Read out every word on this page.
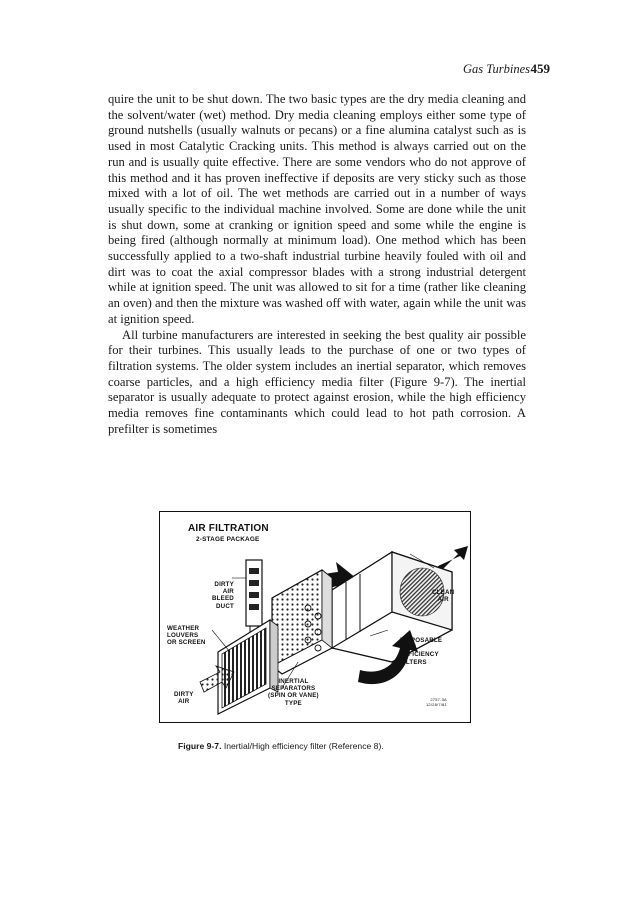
Gas Turbines 459

quire the unit to be shut down. The two basic types are the dry media cleaning and the solvent/water (wet) method. Dry media cleaning employs either some type of ground nutshells (usually walnuts or pecans) or a fine alumina catalyst such as is used in most Catalytic Cracking units. This method is always carried out on the run and is usually quite effective. There are some vendors who do not approve of this method and it has proven ineffective if deposits are very sticky such as those mixed with a lot of oil. The wet methods are carried out in a number of ways usually specific to the individual machine involved. Some are done while the unit is shut down, some at cranking or ignition speed and some while the engine is being fired (although normally at minimum load). One method which has been successfully applied to a two-shaft industrial turbine heavily fouled with oil and dirt was to coat the axial compressor blades with a strong industrial detergent while at ignition speed. The unit was allowed to sit for a time (rather like cleaning an oven) and then the mixture was washed off with water, again while the unit was at ignition speed.

All turbine manufacturers are interested in seeking the best quality air possible for their turbines. This usually leads to the purchase of one or two types of filtration systems. The older system includes an inertial separator, which removes coarse particles, and a high efficiency media filter (Figure 9-7). The inertial separator is usually adequate to protect against erosion, while the high efficiency media removes fine contaminants which could lead to hot path corrosion. A prefilter is sometimes

AIR FILTRATION
2-STAGE PACKAGE
DIRTY
AIR
BLEED
DUCT
WEATHER
LOUVERS
OR SCREEN
DIRTY
AIR
INERTIAL
SEPARATORS
(SPIN OR VANE)
TYPE
CLEAN
AIR
DISPOSABLE
HIGH
EFFICIENCY
FILTERS
2757-3A
12/28/7/81
Figure 9-7. Inertial/High efficiency filter (Reference 8).
